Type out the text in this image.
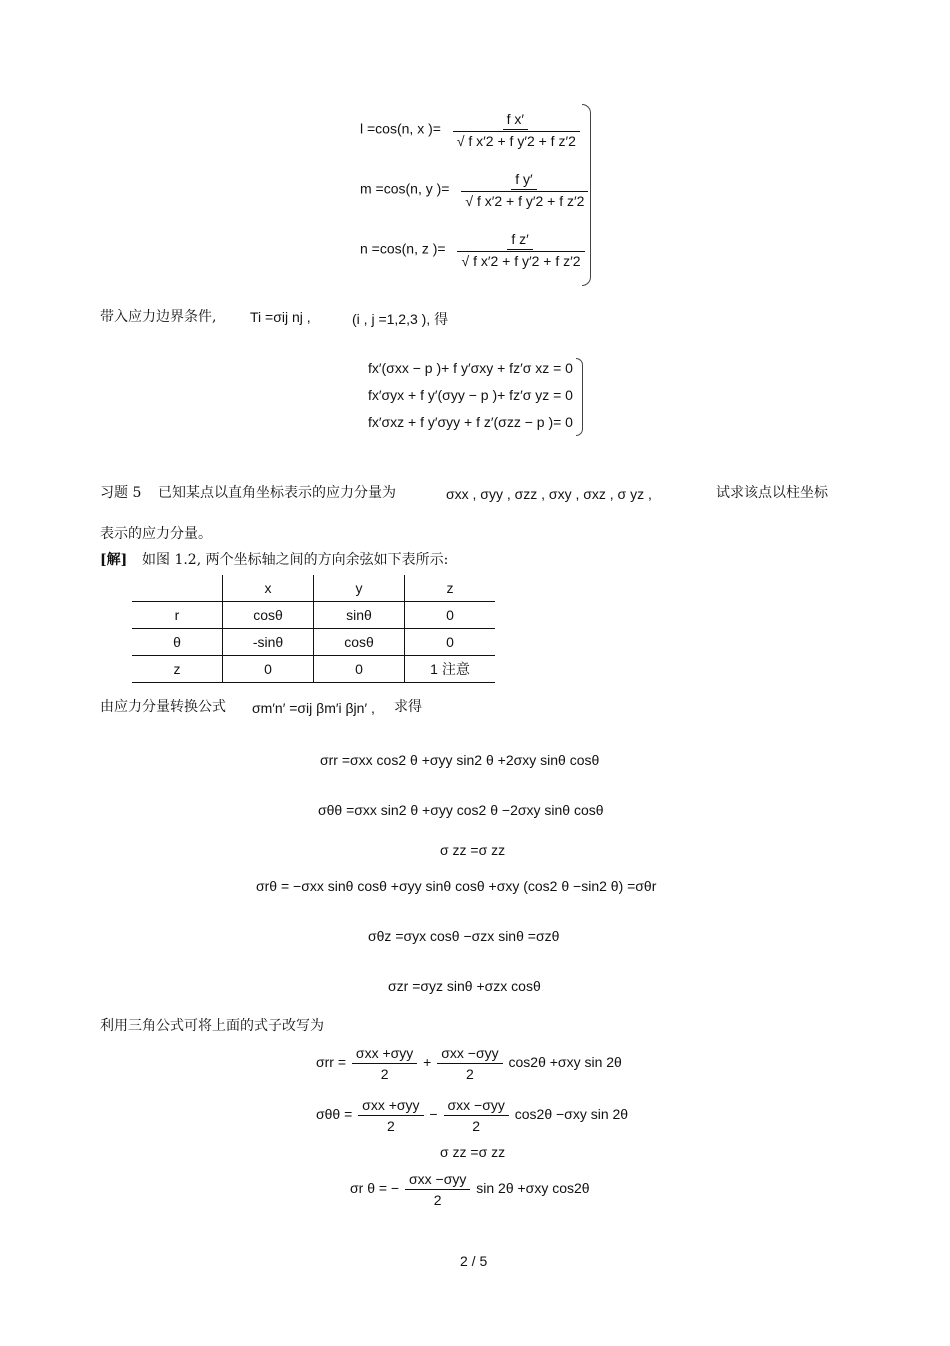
l =cos(n, x )= $\frac{\text{f x′}}{\text{√ f x′2 + f y′2 + f z′2}}$
m =cos(n, y )= $\frac{\text{f y′}}{\text{√ f x′2 + f y′2 + f z′2}}$
n =cos(n, z )= $\frac{\text{f z′}}{\text{√ f x′2 + f y′2 + f z′2}}$
带入应力边界条件, Ti =σij nj ,	(i , j =1,2,3 ), 得
fx′(σxx − p )+ f y′σxy + fz′σ xz = 0
fx′σyx + f y′(σyy − p )+ fz′σ yz = 0
fx′σxz + f y′σyy + f z′(σzz − p )= 0
习题 5 已知某点以直角坐标表示的应力分量为	σxx , σyy , σzz , σxy , σxz , σ yz ,	试求该点以柱坐标
表示的应力分量。
[解] 如图 1.2, 两个坐标轴之间的方向余弦如下表所示:
	x	y	z
r	cosθ	sinθ	0
θ	-sinθ	cosθ	0
z	0	0	1 注意
由应力分量转换公式 σm′n′ =σij βm′i βjn′ , 求得
σrr =σxx cos2 θ +σyy sin2 θ +2σxy sinθ cosθ
σθθ =σxx sin2 θ +σyy cos2 θ −2σxy sinθ cosθ
σ zz =σ zz
σrθ = −σxx sinθ cosθ +σyy sinθ cosθ +σxy (cos2 θ −sin2 θ) =σθr
σθz =σyx cosθ −σzx sinθ =σzθ
σzr =σyz sinθ +σzx cosθ
利用三角公式可将上面的式子改写为
$\sigma rr = \frac{\text{σxx +σyy}}{2} + \frac{\text{σxx −σyy}}{2} \cos 2\theta +\sigma xy$ sin 2θ
$\sigma\theta\theta = \frac{\text{σxx +σyy}}{2} - \frac{\text{σxx −σyy}}{2} \cos 2\theta -\sigma xy$ sin 2θ
σ zz =σ zz
σr θ = − $\frac{\text{σxx −σyy}}{2}$ sin 2θ +σxy cos2θ
2 / 5
